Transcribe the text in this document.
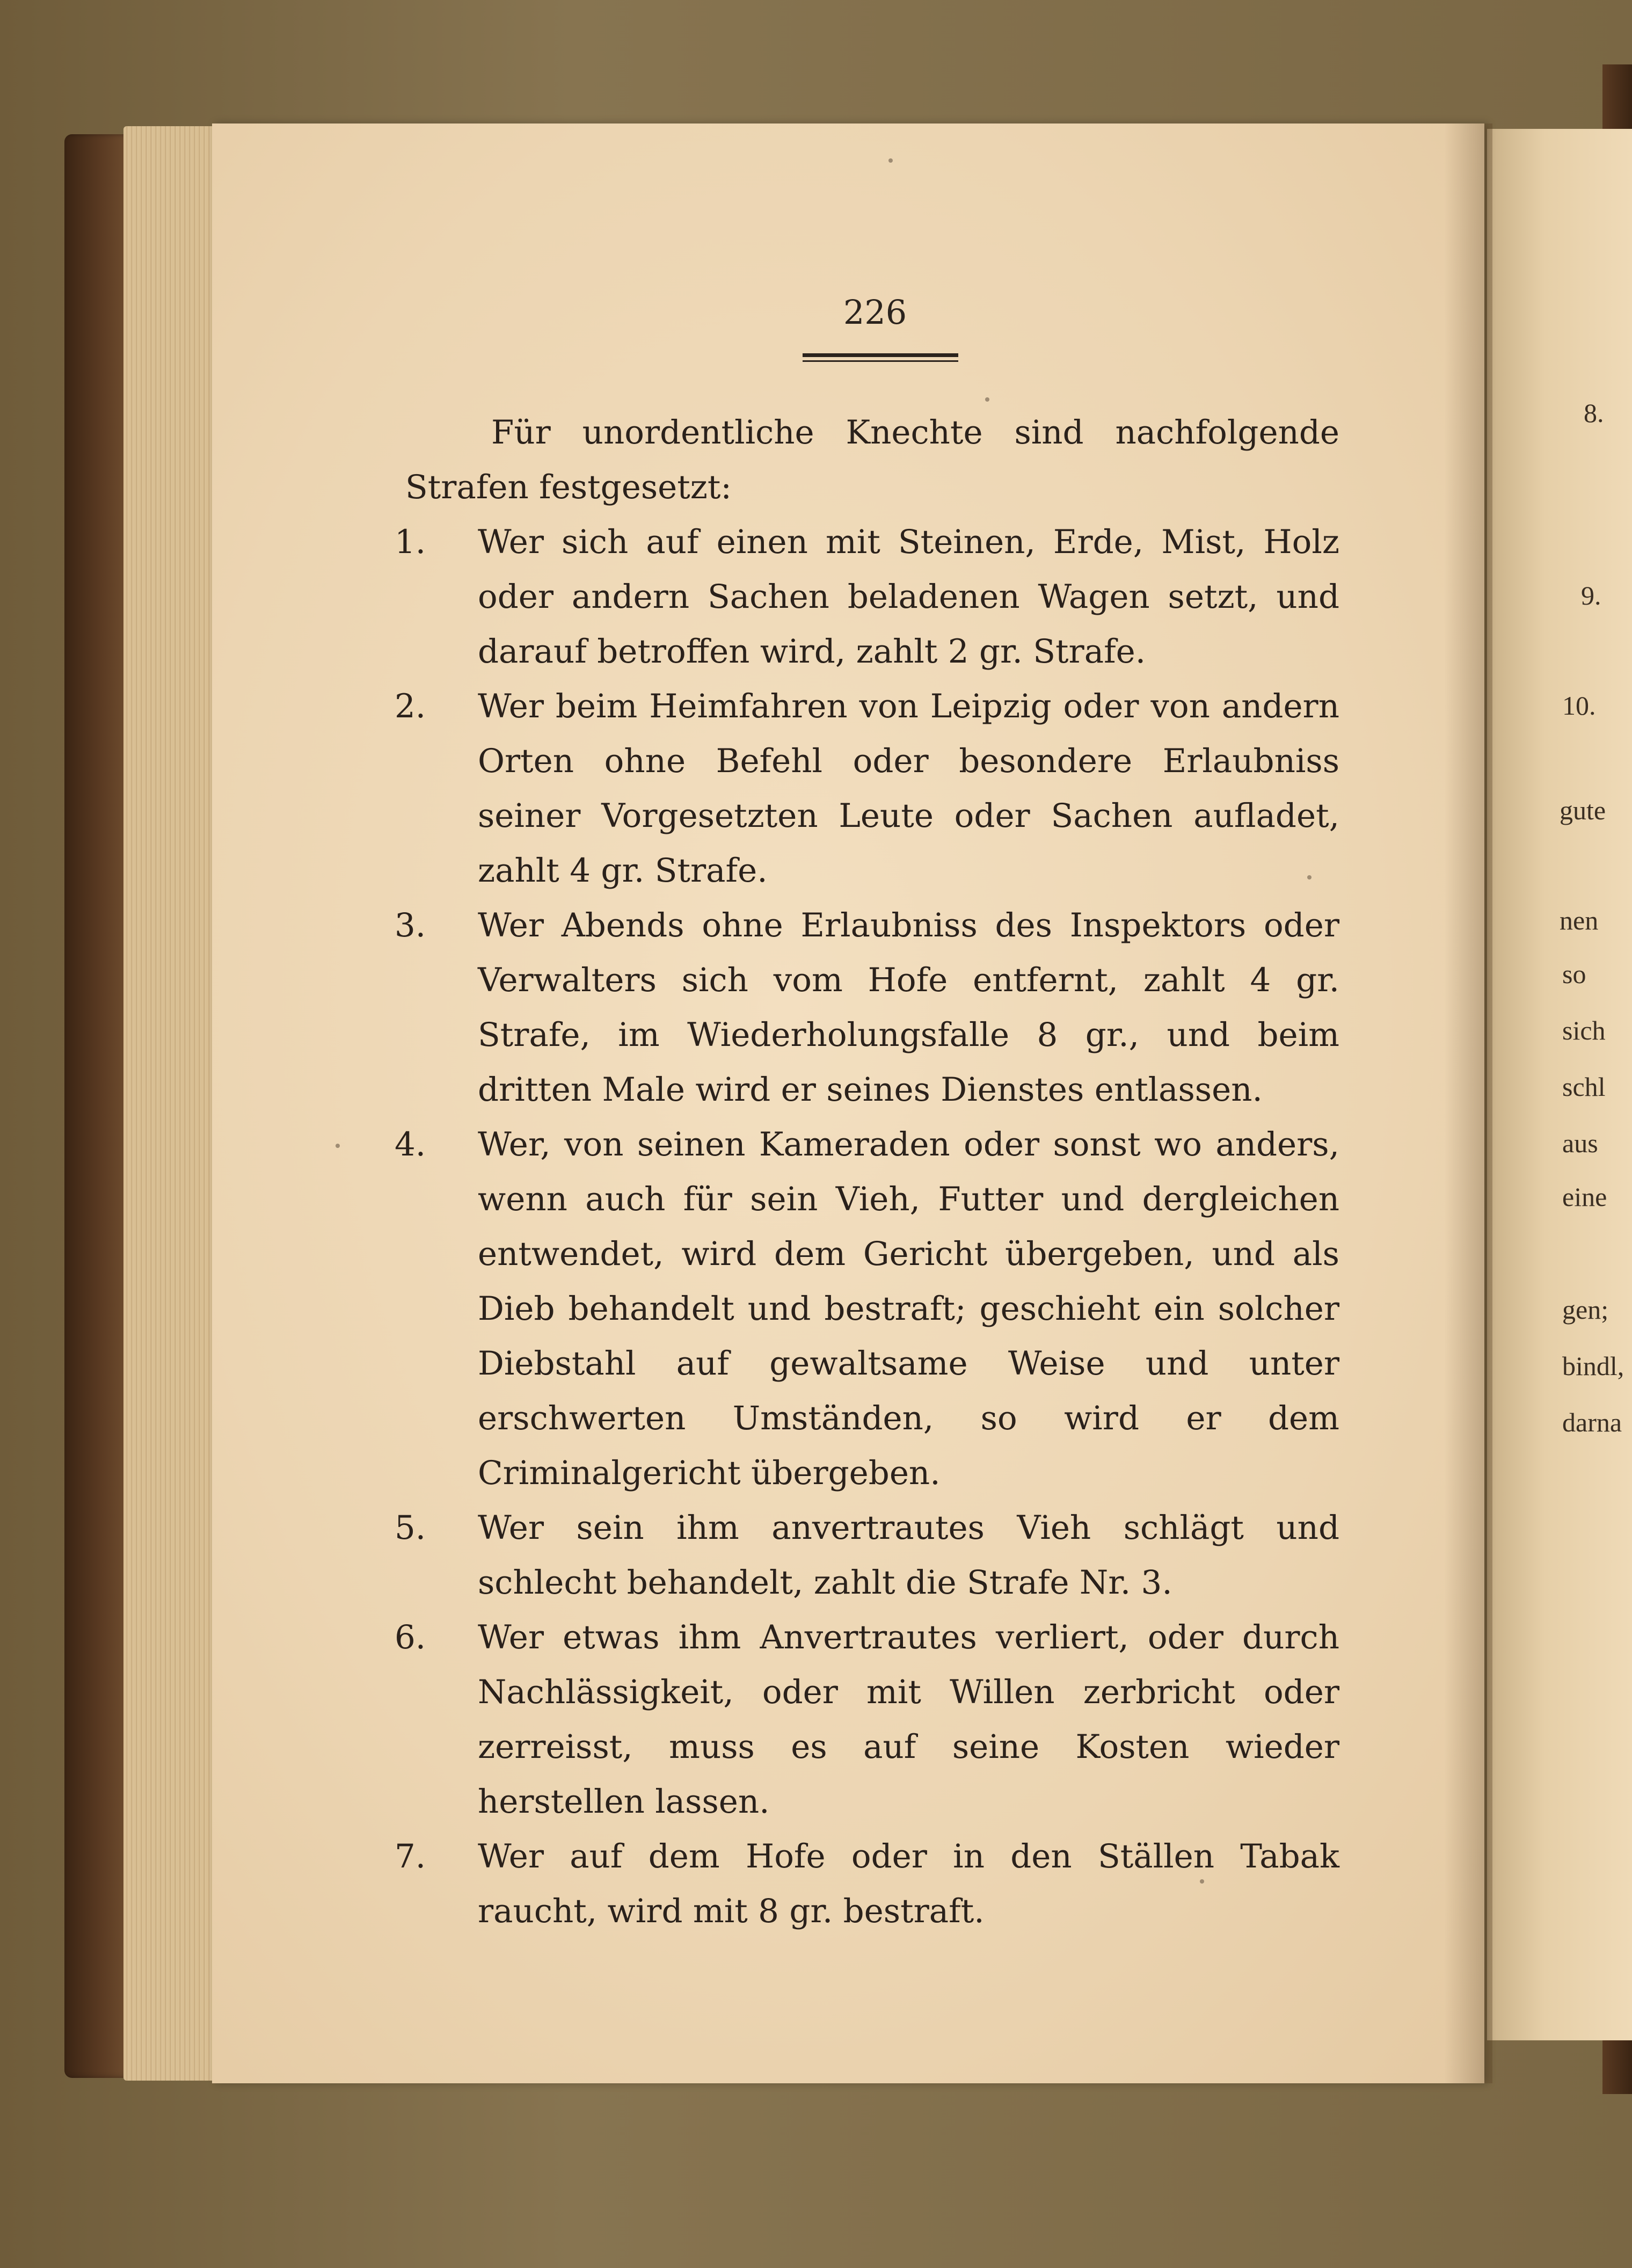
8.
9.
10.
gute
nen
so
sich
schl
aus
eine
gen;
bindl,
darna
226

Für unordentliche Knechte sind nachfolgende Strafen festgesetzt:

1. Wer sich auf einen mit Steinen, Erde, Mist, Holz oder andern Sachen beladenen Wagen setzt, und darauf betroffen wird, zahlt 2 gr. Strafe.

2. Wer beim Heimfahren von Leipzig oder von andern Orten ohne Befehl oder besondere Erlaubniss seiner Vorgesetzten Leute oder Sachen aufladet, zahlt 4 gr. Strafe.

3. Wer Abends ohne Erlaubniss des Inspektors oder Verwalters sich vom Hofe entfernt, zahlt 4 gr. Strafe, im Wiederholungsfalle 8 gr., und beim dritten Male wird er seines Dienstes entlassen.

4. Wer, von seinen Kameraden oder sonst wo anders, wenn auch für sein Vieh, Futter und dergleichen entwendet, wird dem Gericht übergeben, und als Dieb behandelt und bestraft; geschieht ein solcher Diebstahl auf gewaltsame Weise und unter erschwerten Umständen, so wird er dem Criminalgericht übergeben.

5. Wer sein ihm anvertrautes Vieh schlägt und schlecht behandelt, zahlt die Strafe Nr. 3.

6. Wer etwas ihm Anvertrautes verliert, oder durch Nachlässigkeit, oder mit Willen zerbricht oder zerreisst, muss es auf seine Kosten wieder herstellen lassen.

7. Wer auf dem Hofe oder in den Ställen Tabak raucht, wird mit 8 gr. bestraft.
